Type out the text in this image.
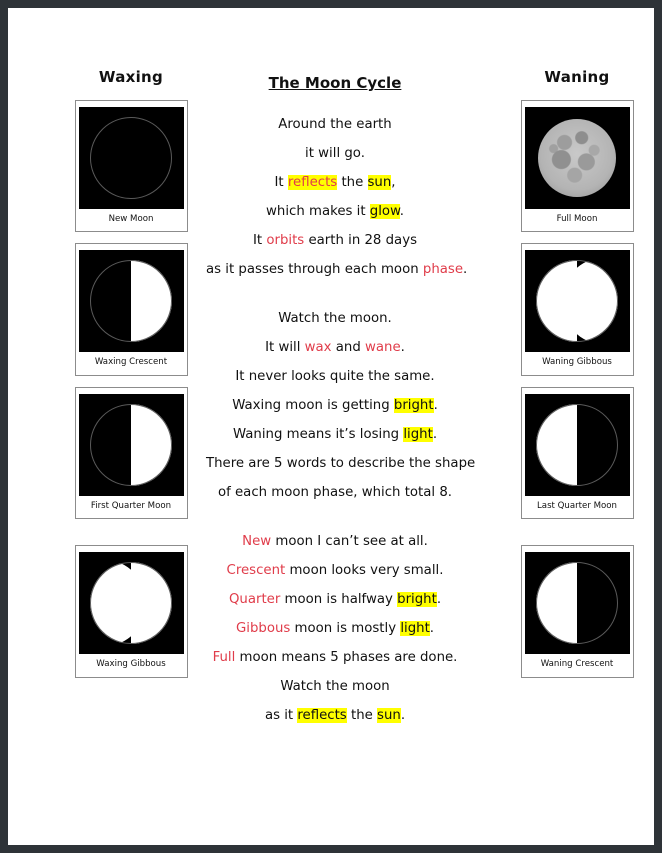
Waxing
New Moon
Waxing Crescent
First Quarter Moon
Waxing Gibbous
The Moon Cycle
Around the earth
it will go.
It reflects the sun,
which makes it glow.
It orbits earth in 28 days
as it passes through each moon phase.
Watch the moon.
It will wax and wane.
It never looks quite the same.
Waxing moon is getting bright.
Waning means it’s losing light.
There are 5 words to describe the shape
of each moon phase, which total 8.
New moon I can’t see at all.
Crescent moon looks very small.
Quarter moon is halfway bright.
Gibbous moon is mostly light.
Full moon means 5 phases are done.
Watch the moon
as it reflects the sun.
Waning
Full Moon
Waning Gibbous
Last Quarter Moon
Waning Crescent
